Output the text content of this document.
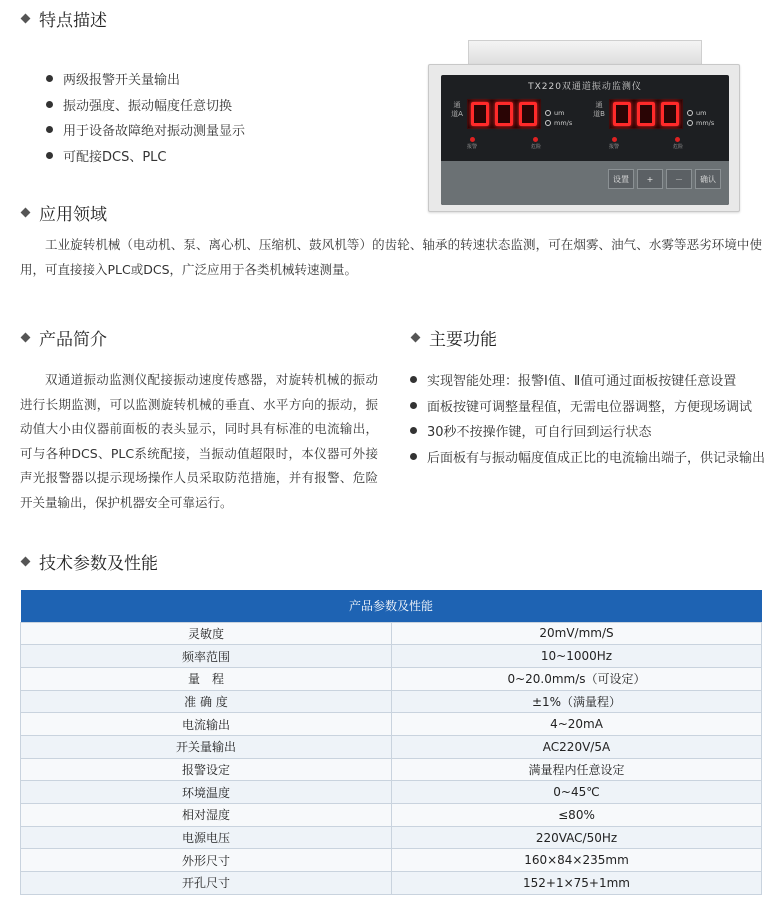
特点描述
两级报警开关量输出
振动强度、振动幅度任意切换
用于设备故障绝对振动测量显示
可配接DCS、PLC
TX220双通道振动监测仪
通道A	um
mm/s
报警	危险
通道B	um
mm/s
报警	危险
设置	+	－	确认
应用领域

工业旋转机械（电动机、泵、离心机、压缩机、鼓风机等）的齿轮、轴承的转速状态监测，可在烟雾、油气、水雾等恶劣环境中使用，可直接接入PLC或DCS，广泛应用于各类机械转速测量。

产品简介

双通道振动监测仪配接振动速度传感器，对旋转机械的振动进行长期监测，可以监测旋转机械的垂直、水平方向的振动，振动值大小由仪器前面板的表头显示，同时具有标准的电流输出，可与各种DCS、PLC系统配接，当振动值超限时，本仪器可外接声光报警器以提示现场操作人员采取防范措施，并有报警、危险开关量输出，保护机器安全可靠运行。

主要功能
实现智能处理：报警Ⅰ值、Ⅱ值可通过面板按键任意设置
面板按键可调整量程值，无需电位器调整，方便现场调试
30秒不按操作键，可自行回到运行状态
后面板有与振动幅度值成正比的电流输出端子，供记录输出
技术参数及性能
产品参数及性能	
灵敏度	20mV/mm/S
频率范围	10~1000Hz
量　程	0~20.0mm/s（可设定）
准 确 度	±1%（满量程）
电流输出	4~20mA
开关量输出	AC220V/5A
报警设定	满量程内任意设定
环境温度	0~45℃
相对湿度	≤80%
电源电压	220VAC/50Hz
外形尺寸	160×84×235mm
开孔尺寸	152+1×75+1mm
